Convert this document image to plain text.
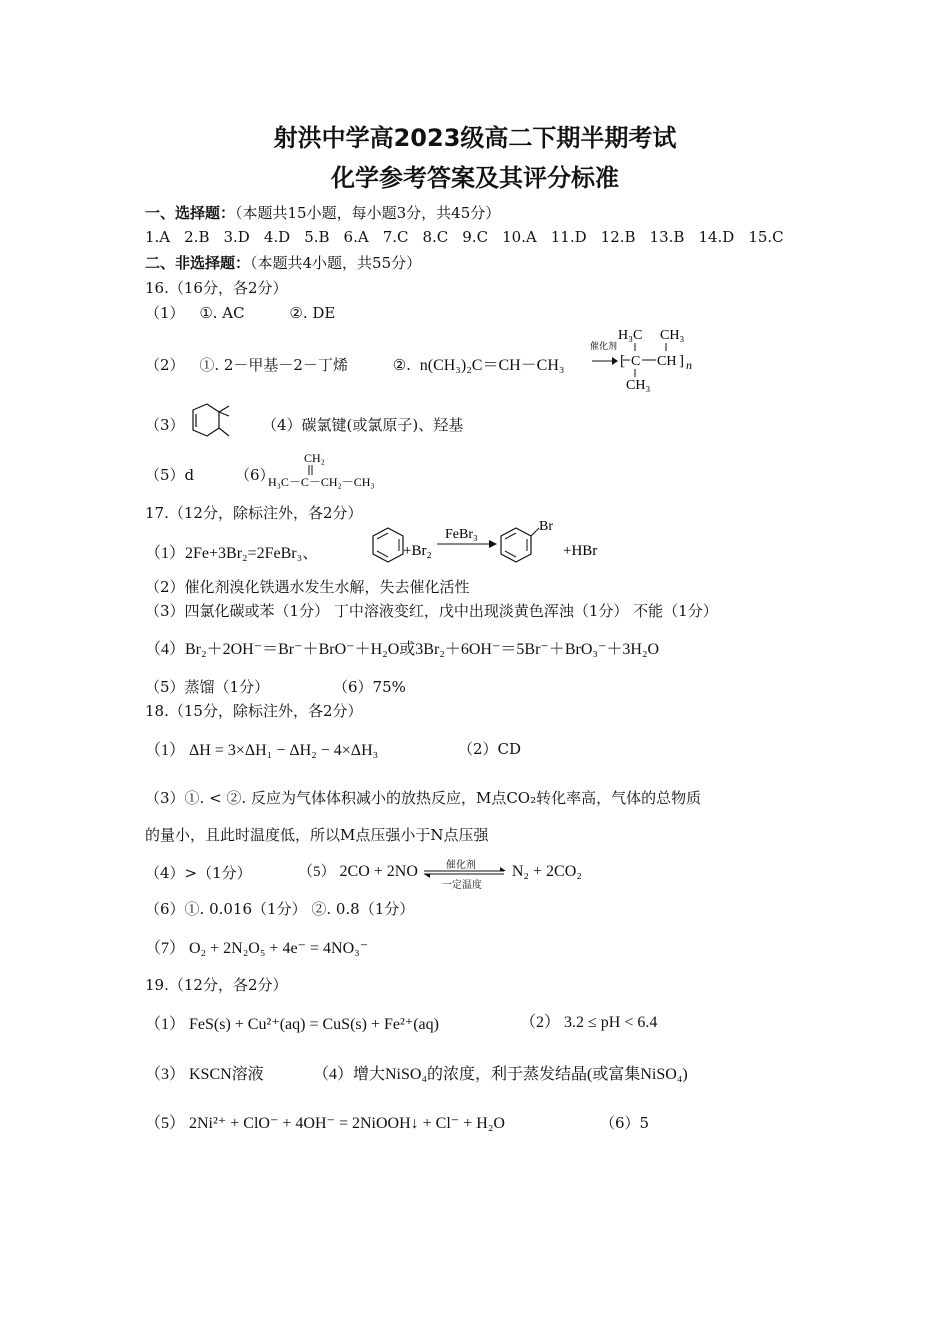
射洪中学高2023级高二下期半期考试
化学参考答案及其评分标准
一、选择题：（本题共15小题，每小题3分，共45分）
1.A 2.B 3.D 4.D 5.B 6.A 7.C 8.C 9.C 10.A 11.D 12.B 13.B 14.D 15.C
二、非选择题：（本题共4小题，共55分）
16.（16分，各2分）
（1） ①. AC	②. DE
（2） ①. 2－甲基－2－丁烯	②. n(CH₃)₂C＝CH－CH₃
催化剂
H₃C CH₃
[ C CH ] n
CH₃
（3）	（4）碳氯键(或氯原子)、羟基
（5）d	（6）
CH₂
H₃C－C－CH₂－CH₃
17.（12分，除标注外，各2分）
（1）2Fe+3Br₂=2FeBr₃、	+Br₂
FeBr₃
Br
+HBr
（2）催化剂溴化铁遇水发生水解，失去催化活性
（3）四氯化碳或苯（1分） 丁中溶液变红，戊中出现淡黄色浑浊（1分） 不能（1分）
（4）Br₂＋2OH⁻＝Br⁻＋BrO⁻＋H₂O或3Br₂＋6OH⁻＝5Br⁻＋BrO₃⁻＋3H₂O
（5）蒸馏（1分）	（6）75%
18.（15分，除标注外，各2分）
（1） ΔH = 3×ΔH₁ − ΔH₂ − 4×ΔH₃	（2）CD
（3）①. < ②. 反应为气体体积减小的放热反应，M点CO₂转化率高，气体的总物质
的量小，且此时温度低，所以M点压强小于N点压强
（4）>（1分）	（5） 2CO + 2NO	催化剂
一定温度
N₂ + 2CO₂
（6）①. 0.016（1分） ②. 0.8（1分）
（7） O₂ + 2N₂O₅ + 4e⁻ = 4NO₃⁻
19.（12分，各2分）
（1） FeS(s) + Cu²⁺(aq) = CuS(s) + Fe²⁺(aq)	（2） 3.2 ≤ pH < 6.4
（3） KSCN溶液	（4）增大NiSO₄的浓度，利于蒸发结晶(或富集NiSO₄)
（5） 2Ni²⁺ + ClO⁻ + 4OH⁻ = 2NiOOH↓ + Cl⁻ + H₂O	（6）5
